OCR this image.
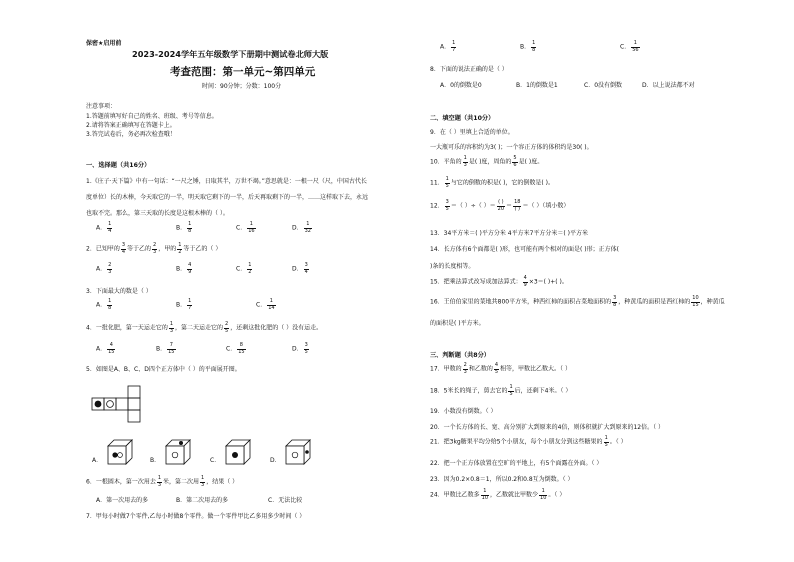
保密★启用前
2023-2024学年五年级数学下册期中测试卷北师大版
考查范围：第一单元~第四单元
时间：90分钟；分数：100分
注意事项：
1.答题前填写好自己的姓名、班级、考号等信息。
2.请将答案正确填写在答题卡上。
3.答完试卷后，务必再次检查哦！
一、选择题（共16分）
1.《庄子·天下篇》中有一句话：“一尺之锤，日取其半，万世不竭。”意思就是：一根一尺（尺，中国古代长
度单位）长的木棒，今天取它的一半，明天取它剩下的一半，后天再取剩下的一半，……这样取下去，永远
也取不完。那么，第三天取的长度是这根木棒的（ ）。
A． $\frac{1}{4}$	B． $\frac{1}{8}$	C． $\frac{1}{16}$	D． $\frac{1}{32}$
2．已知甲的 $\frac{3}{4}$ 等于乙的 $\frac{2}{3}$ ，甲的 $\frac{1}{2}$ 等于乙的（ ）
A． $\frac{2}{3}$	B． $\frac{4}{9}$	C． $\frac{1}{2}$	D． $\frac{3}{4}$
3．下面最大的数是（ ）
A． $\frac{1}{8}$	B． $\frac{1}{7}$	C． $\frac{1}{14}$
4．一批化肥，第一天运走它的 $\frac{1}{3}$ ，第二天运走它的 $\frac{2}{5}$ ，还剩这批化肥的（ ）没有运走。
A． $\frac{4}{15}$	B． $\frac{7}{15}$	C． $\frac{8}{15}$	D． $\frac{3}{5}$
5．如图是A、B、C、D四个正方体中（ ）的平面展开图。
A．	B．	C．	D．
6．一根圆木，第一次用去 $\frac{1}{3}$ 米，第二次用 $\frac{1}{3}$ ，结果（ ）
A．第一次用去的多	B．第二次用去的多	C．无法比较
7．甲每小时做7个零件,乙每小时做8个零件。做一个零件甲比乙多用多少时间（ ）
A． $\frac{1}{7}$	B． $\frac{1}{8}$	C． $\frac{1}{56}$
8．下面的说法正确的是（ ）
A．0的倒数是0	B．1的倒数是1	C．0没有倒数	D．以上说法都不对
二、填空题（共10分）
9．在（ ）里填上合适的单位。
一大瓶可乐的容积约为3( )；一个容正方体的体积约是30( )。
10．平角的 $\frac{1}{3}$ 是( )度，周角的 $\frac{5}{6}$ 是( )度。
11． $\frac{1}{5}$ 与它的倒数的积是( )，它的倒数是( )。
12． $\frac{3}{5}$ ＝（ ）÷（ ）＝
( )
20 ＝
18
( ) ＝（ ）（填小数）
13．34平方米＝( )平方分米 4平方米7平方分米＝( )平方米
14．长方体有6个面都是( )形，也可能有两个相对的面是( )形；正方体(
)条的长度相等。
15．把乘法算式改写成加法算式： $\frac{4}{9} \times 3=$( )+( )。
16．王伯伯家里的菜地共800平方米，种西红柿的面积占菜地面积的 $\frac{3}{8}$ ，种黄瓜的面积是西红柿的 $\frac{10}{15}$ ，种黄瓜
的面积是( )平方米。
三、判断题（共8分）
17．甲数的 $\frac{2}{3}$ 和乙数的 $\frac{4}{5}$ 相等，甲数比乙数大。（ ）
18．5米长的绳子，剪去它的 $\frac{1}{5}$ 后，还剩下4米。（ ）
19．小数没有倒数。（ ）
20．一个长方体的长、宽、高分别扩大到原来的4倍，则体积就扩大到原来的12倍。（ ）
21．把3kg糖果平均分给5个小朋友，每个小朋友分到这些糖果的 $\frac{1}{5}$ 。（ ）
22．把一个正方体放置在空旷的平地上，有5个面露在外面。（ ）
23．因为0.2×0.8＝1，所以0.2和0.8互为倒数。（ ）
24．甲数比乙数多 $\frac{1}{10}$ ，乙数就比甲数少 $\frac{1}{10}$ 。（ ）
